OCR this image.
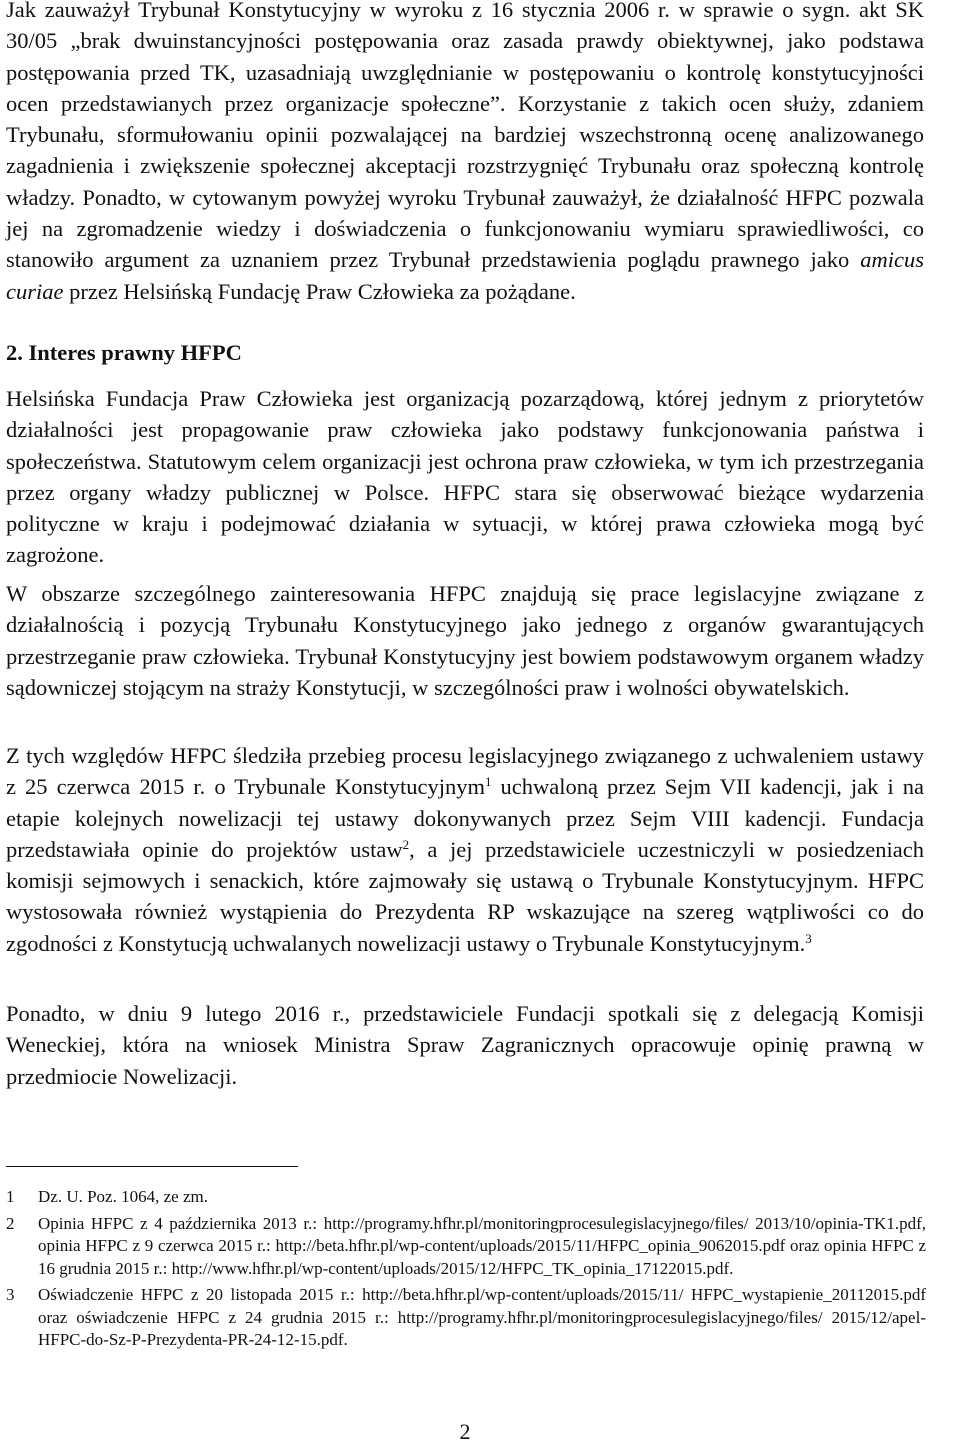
Jak zauważył Trybunał Konstytucyjny w wyroku z 16 stycznia 2006 r. w sprawie o sygn. akt SK 30/05 „brak dwuinstancyjności postępowania oraz zasada prawdy obiektywnej, jako podstawa postępowania przed TK, uzasadniają uwzględnianie w postępowaniu o kontrolę konstytucyjności ocen przedstawianych przez organizacje społeczne”. Korzystanie z takich ocen służy, zdaniem Trybunału, sformułowaniu opinii pozwalającej na bardziej wszechstronną ocenę analizowanego zagadnienia i zwiększenie społecznej akceptacji rozstrzygnięć Trybunału oraz społeczną kontrolę władzy. Ponadto, w cytowanym powyżej wyroku Trybunał zauważył, że działalność HFPC pozwala jej na zgromadzenie wiedzy i doświadczenia o funkcjonowaniu wymiaru sprawiedliwości, co stanowiło argument za uznaniem przez Trybunał przedstawienia poglądu prawnego jako amicus curiae przez Helsińską Fundację Praw Człowieka za pożądane.

2. Interes prawny HFPC

Helsińska Fundacja Praw Człowieka jest organizacją pozarządową, której jednym z priorytetów działalności jest propagowanie praw człowieka jako podstawy funkcjonowania państwa i społeczeństwa. Statutowym celem organizacji jest ochrona praw człowieka, w tym ich przestrzegania przez organy władzy publicznej w Polsce. HFPC stara się obserwować bieżące wydarzenia polityczne w kraju i podejmować działania w sytuacji, w której prawa człowieka mogą być zagrożone.

W obszarze szczególnego zainteresowania HFPC znajdują się prace legislacyjne związane z działalnością i pozycją Trybunału Konstytucyjnego jako jednego z organów gwarantujących przestrzeganie praw człowieka. Trybunał Konstytucyjny jest bowiem podstawowym organem władzy sądowniczej stojącym na straży Konstytucji, w szczególności praw i wolności obywatelskich.

Z tych względów HFPC śledziła przebieg procesu legislacyjnego związanego z uchwaleniem ustawy z 25 czerwca 2015 r. o Trybunale Konstytucyjnym$^1$ uchwaloną przez Sejm VII kadencji, jak i na etapie kolejnych nowelizacji tej ustawy dokonywanych przez Sejm VIII kadencji. Fundacja przedstawiała opinie do projektów ustaw$^2$, a jej przedstawiciele uczestniczyli w posiedzeniach komisji sejmowych i senackich, które zajmowały się ustawą o Trybunale Konstytucyjnym. HFPC wystosowała również wystąpienia do Prezydenta RP wskazujące na szereg wątpliwości co do zgodności z Konstytucją uchwalanych nowelizacji ustawy o Trybunale Konstytucyjnym.$^3$

Ponadto, w dniu 9 lutego 2016 r., przedstawiciele Fundacji spotkali się z delegacją Komisji Weneckiej, która na wniosek Ministra Spraw Zagranicznych opracowuje opinię prawną w przedmiocie Nowelizacji.

1	Dz. U. Poz. 1064, ze zm.
2	Opinia HFPC z 4 października 2013 r.: http://programy.hfhr.pl/monitoringprocesulegislacyjnego/files/ 2013/10/opinia-TK1.pdf, opinia HFPC z 9 czerwca 2015 r.: http://beta.hfhr.pl/wp-content/uploads/2015/11/HFPC_opinia_9062015.pdf oraz opinia HFPC z 16 grudnia 2015 r.: http://www.hfhr.pl/wp-content/uploads/2015/12/HFPC_TK_opinia_17122015.pdf.
3	Oświadczenie HFPC z 20 listopada 2015 r.: http://beta.hfhr.pl/wp-content/uploads/2015/11/ HFPC_wystapienie_20112015.pdf oraz oświadczenie HFPC z 24 grudnia 2015 r.: http://programy.hfhr.pl/monitoringprocesulegislacyjnego/files/ 2015/12/apel-HFPC-do-Sz-P-Prezydenta-PR-24-12-15.pdf.
2
